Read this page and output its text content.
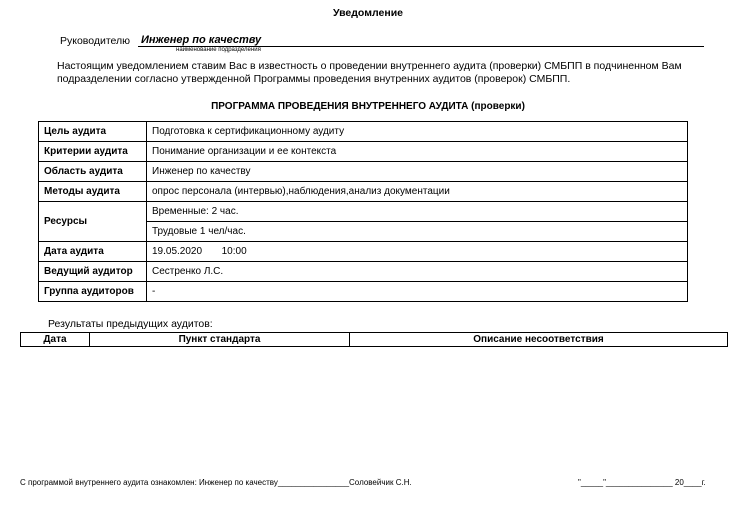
Уведомление
Руководителю Инженер по качеству
наименование подразделения
Настоящим уведомлением ставим Вас в известность о проведении внутреннего аудита (проверки) СМБПП в подчиненном Вам подразделении согласно утвержденной Программы проведения внутренних аудитов (проверок) СМБПП.
ПРОГРАММА ПРОВЕДЕНИЯ ВНУТРЕННЕГО АУДИТА (проверки)
Цель аудита	Подготовка к сертификационному аудиту
Критерии аудита	Понимание организации и ее контекста
Область аудита	Инженер по качеству
Методы аудита	опрос персонала (интервью),наблюдения,анализ документации
Ресурсы	Временные: 2 час.
	Трудовые 1 чел/час.
Дата аудита	19.05.2020 10:00
Ведущий аудитор	Сестренко Л.С.
Группа аудиторов	-
Результаты предыдущих аудитов:
Дата	Пункт стандарта	Описание несоответствия
С программой внутреннего аудита ознакомлен: Инженер по качеству________________Соловейчик С.Н.	"_____"_______________ 20____г.
